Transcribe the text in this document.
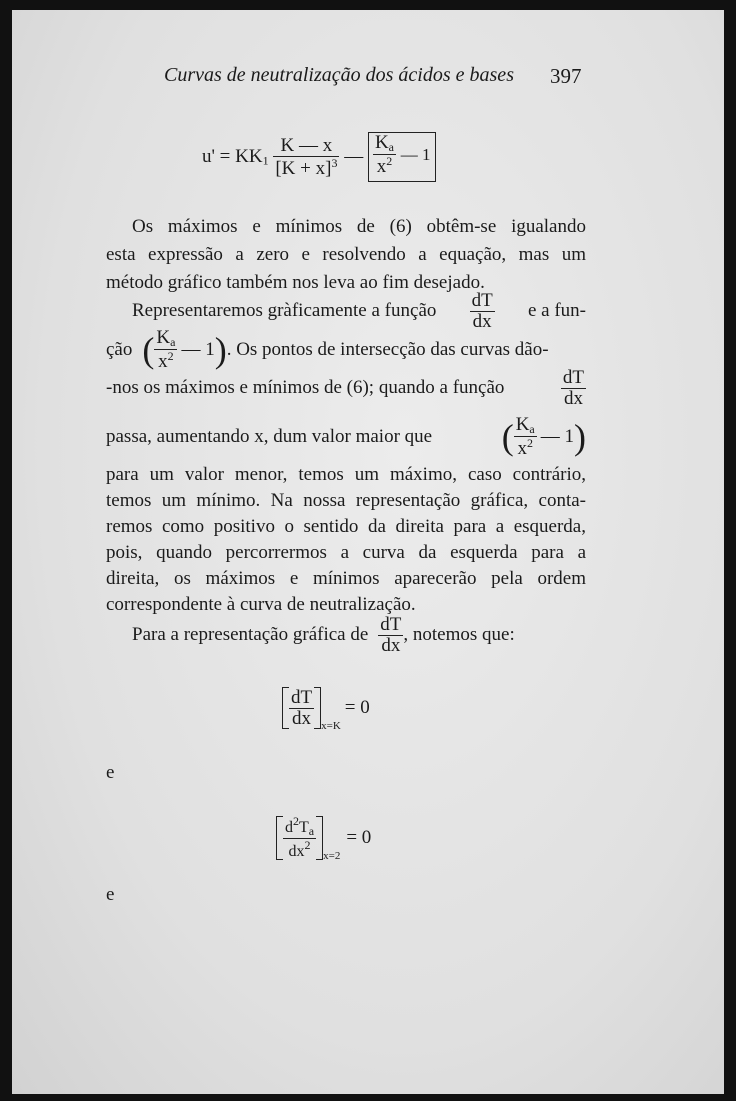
Curvas de neutralização dos ácidos e bases 397
$u' = KK_1 \frac{K — x}{[K + x]^3}$ — $\frac{K_a}{x^2}$ — 1
Os máximos e mínimos de (6) obtêm-se igualando
esta expressão a zero e resolvendo a equação, mas um
método gráfico também nos leva ao fim desejado.
Representaremos gràficamente a função $\frac{dT}{dx}$ e a fun-
ção ( $\frac{K_a}{x^2}$ — 1 ) . Os pontos de intersecção das curvas dão-
-nos os máximos e mínimos de (6); quando a função	$\frac{dT}{dx}$
passa, aumentando x, dum valor maior que ( $\frac{K_a}{x^2}$ — 1 )
para um valor menor, temos um máximo, caso contrário,
temos um mínimo. Na nossa representação gráfica, conta-
remos como positivo o sentido da direita para a esquerda,
pois, quando percorrermos a curva da esquerda para a
direita, os máximos e mínimos aparecerão pela ordem
correspondente à curva de neutralização.
Para a representação gráfica de $\frac{dT}{dx}$ , notemos que:
$\frac{dT}{dx} x=K$
= 0
e
$\frac{d^2T_a}{dx^2} x=2$
= 0
e
